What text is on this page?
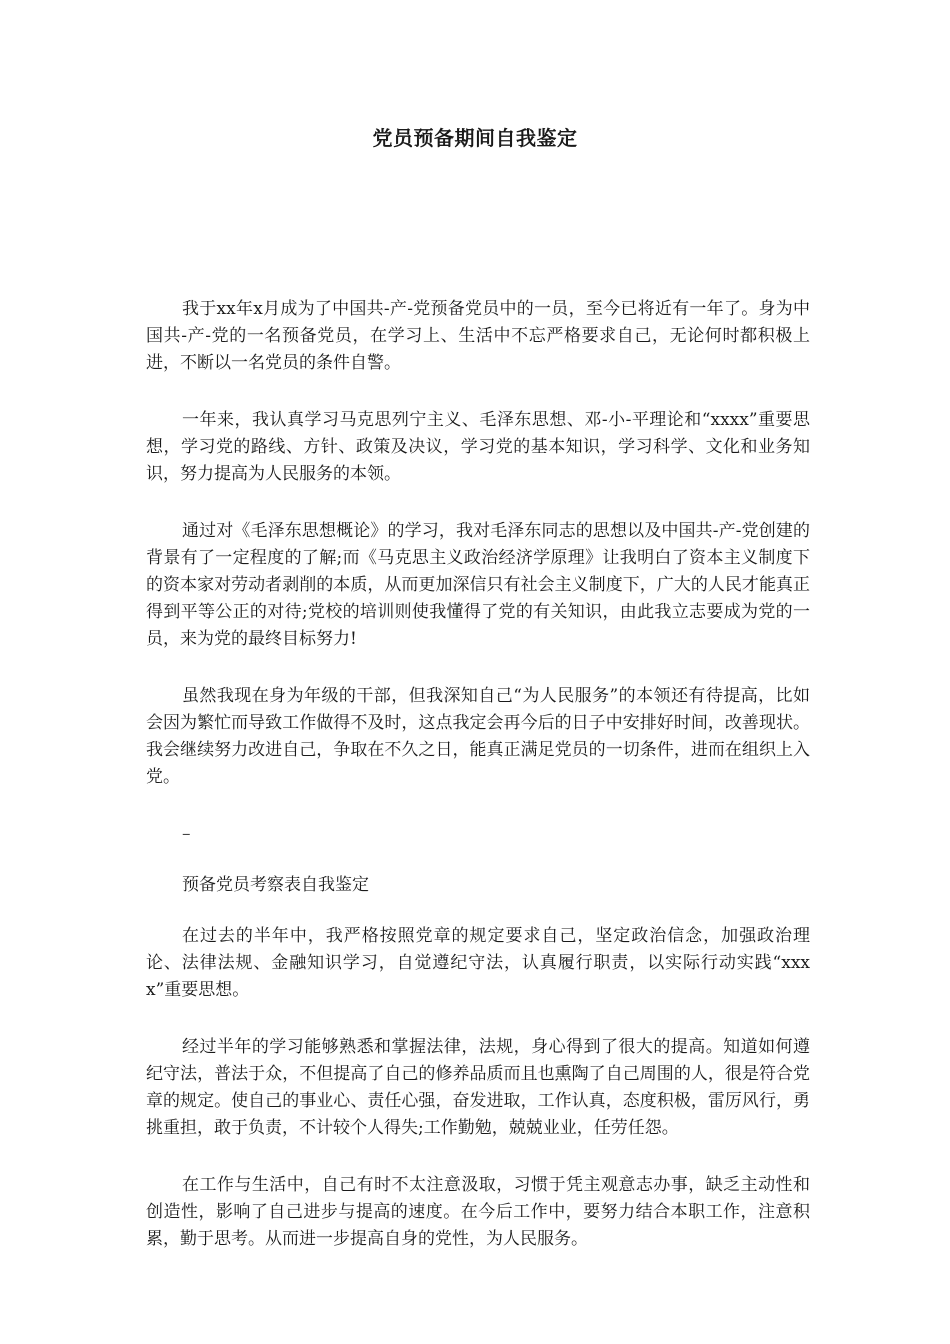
党员预备期间自我鉴定

我于xx年x月成为了中国共-产-党预备党员中的一员，至今已将近有一年了。身为中国共-产-党的一名预备党员，在学习上、生活中不忘严格要求自己，无论何时都积极上进，不断以一名党员的条件自警。

一年来，我认真学习马克思列宁主义、毛泽东思想、邓-小-平理论和“xxxx”重要思想，学习党的路线、方针、政策及决议，学习党的基本知识，学习科学、文化和业务知识，努力提高为人民服务的本领。

通过对《毛泽东思想概论》的学习，我对毛泽东同志的思想以及中国共-产-党创建的背景有了一定程度的了解;而《马克思主义政治经济学原理》让我明白了资本主义制度下的资本家对劳动者剥削的本质，从而更加深信只有社会主义制度下，广大的人民才能真正得到平等公正的对待;党校的培训则使我懂得了党的有关知识，由此我立志要成为党的一员，来为党的最终目标努力!

虽然我现在身为年级的干部，但我深知自己“为人民服务”的本领还有待提高，比如会因为繁忙而导致工作做得不及时，这点我定会再今后的日子中安排好时间，改善现状。我会继续努力改进自己，争取在不久之日，能真正满足党员的一切条件，进而在组织上入党。

–

预备党员考察表自我鉴定

在过去的半年中，我严格按照党章的规定要求自己，坚定政治信念，加强政治理论、法律法规、金融知识学习，自觉遵纪守法，认真履行职责，以实际行动实践“xxxx”重要思想。

经过半年的学习能够熟悉和掌握法律，法规，身心得到了很大的提高。知道如何遵纪守法，普法于众，不但提高了自己的修养品质而且也熏陶了自己周围的人，很是符合党章的规定。使自己的事业心、责任心强，奋发进取，工作认真，态度积极，雷厉风行，勇挑重担，敢于负责，不计较个人得失;工作勤勉，兢兢业业，任劳任怨。

在工作与生活中，自己有时不太注意汲取，习惯于凭主观意志办事，缺乏主动性和创造性，影响了自己进步与提高的速度。在今后工作中，要努力结合本职工作，注意积累，勤于思考。从而进一步提高自身的党性，为人民服务。
